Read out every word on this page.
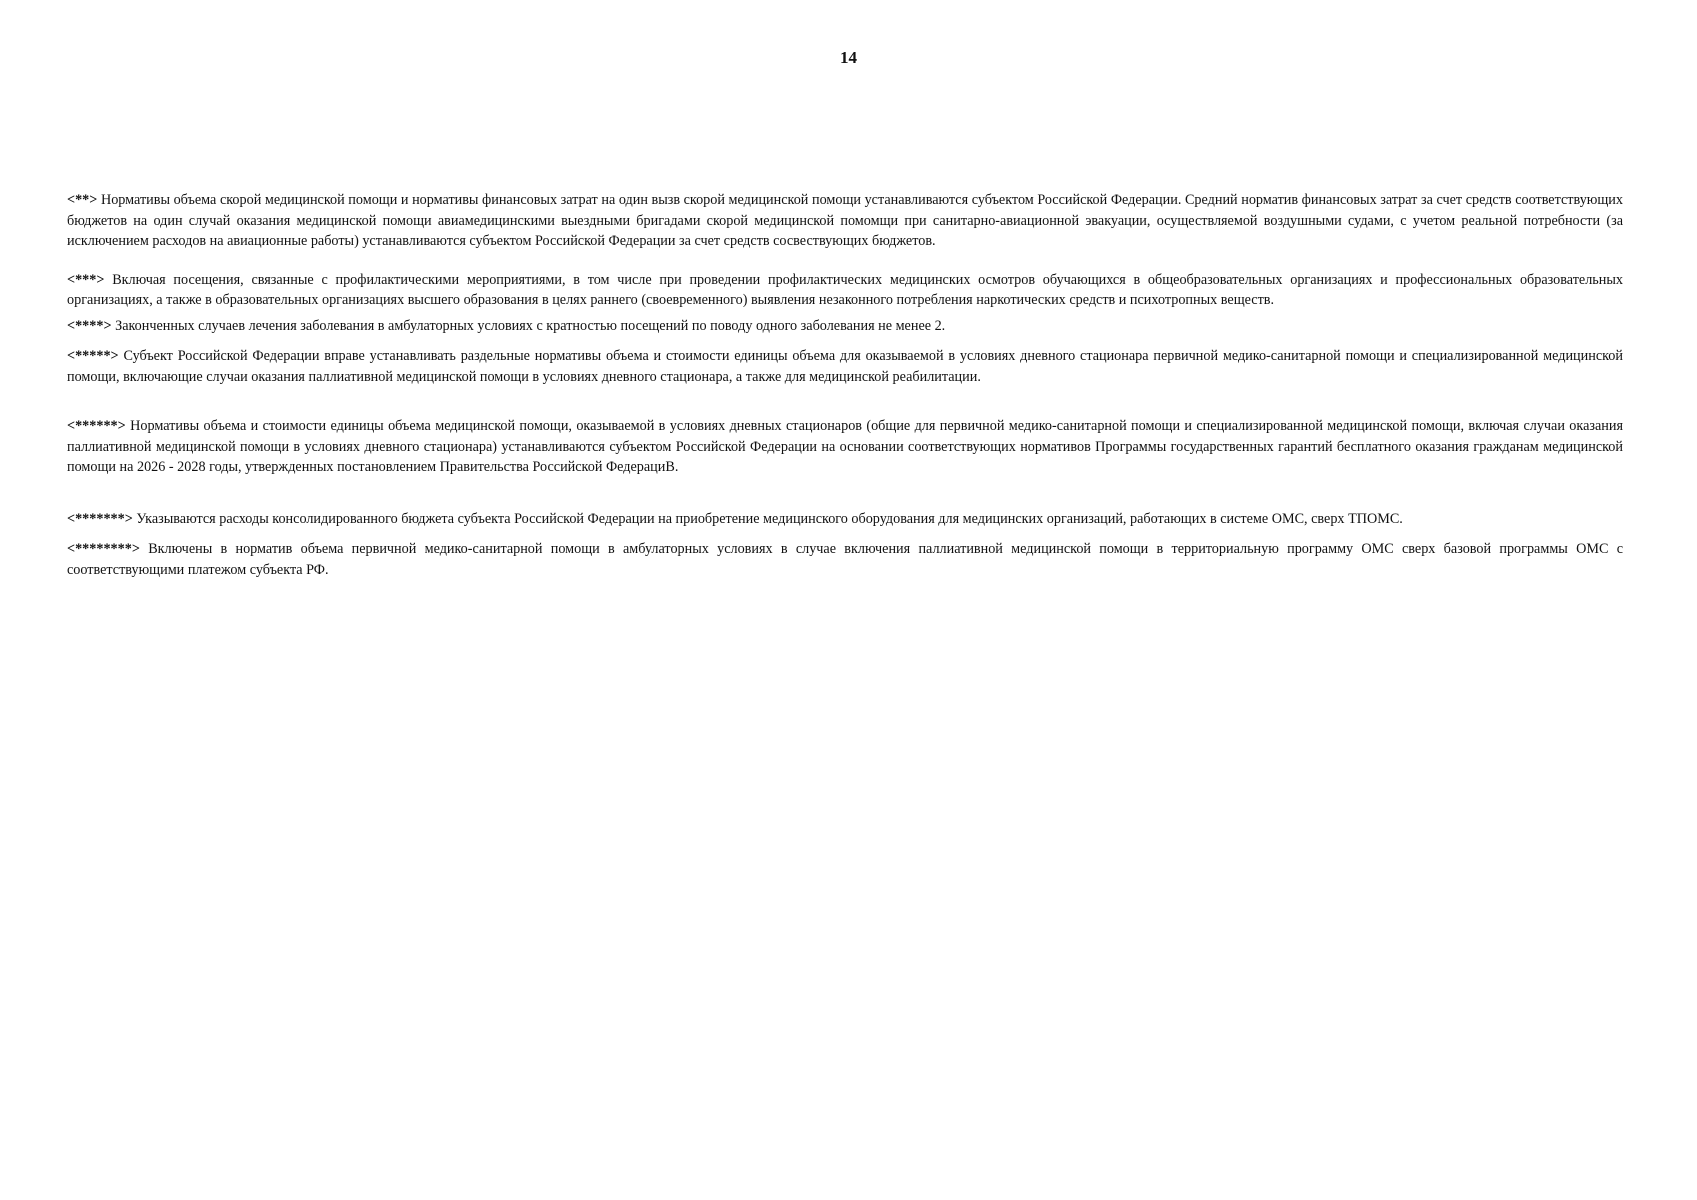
14

<**> Нормативы объема скорой медицинской помощи и нормативы финансовых затрат на один вызв скорой медицинской помощи устанавливаются субъектом Российской Федерации. Средний норматив финансовых затрат за счет средств соответствующих бюджетов на один случай оказания медицинской помощи авиамедицинскими выездными бригадами скорой медицинской помомщи при санитарно-авиационной эвакуации, осуществляемой воздушными судами, с учетом реальной потребности (за исключением расходов на авиационные работы) устанавливаются субъектом Российской Федерации за счет средств сосвествующих бюджетов.

<***> Включая посещения, связанные с профилактическими мероприятиями, в том числе при проведении профилактических медицинских осмотров обучающихся в общеобразовательных организациях и профессиональных образовательных организациях, а также в образовательных организациях высшего образования в целях раннего (своевременного) выявления незаконного потребления наркотических средств и психотропных веществ.

<****> Законченных случаев лечения заболевания в амбулаторных условиях с кратностью посещений по поводу одного заболевания не менее 2.

<*****> Субъект Российской Федерации вправе устанавливать раздельные нормативы объема и стоимости единицы объема для оказываемой в условиях дневного стационара первичной медико-санитарной помощи и специализированной медицинской помощи, включающие случаи оказания паллиативной медицинской помощи в условиях дневного стационара, а также для медицинской реабилитации.

<******> Нормативы объема и стоимости единицы объема медицинской помощи, оказываемой в условиях дневных стационаров (общие для первичной медико-санитарной помощи и специализированной медицинской помощи, включая случаи оказания паллиативной медицинской помощи в условиях дневного стационара) устанавливаются субъектом Российской Федерации на основании соответствующих нормативов Программы государственных гарантий бесплатного оказания гражданам медицинской помощи на 2026 - 2028 годы, утвержденных постановлением Правительства Российской ФедерациВ.

<*******> Указываются расходы консолидированного бюджета субъекта Российской Федерации на приобретение медицинского оборудования для медицинских организаций, работающих в системе ОМС, сверх ТПОМС.

<********> Включены в норматив объема первичной медико-санитарной помощи в амбулаторных условиях в случае включения паллиативной медицинской помощи в территориальную программу ОМС сверх базовой программы ОМС с соответствующими платежом субъекта РФ.
